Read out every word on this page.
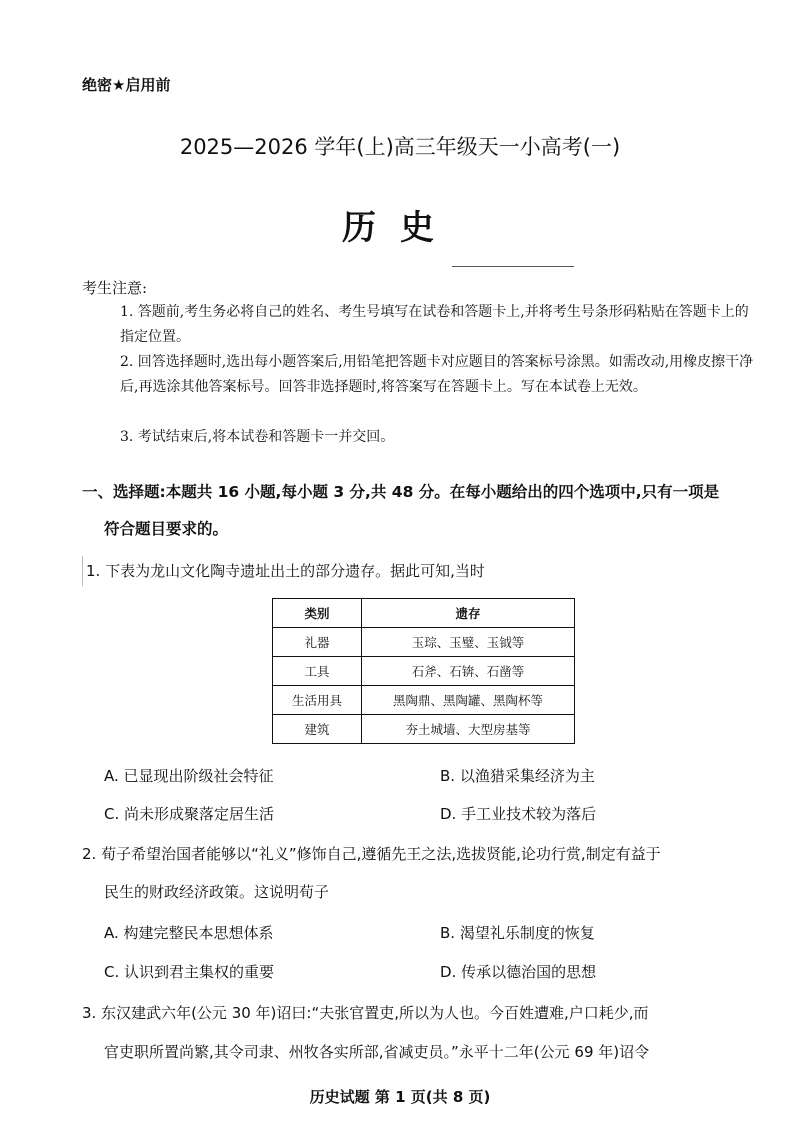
绝密★启用前
2025—2026 学年(上)高三年级天一小高考(一)
历史
考生注意:
1. 答题前,考生务必将自己的姓名、考生号填写在试卷和答题卡上,并将考生号条形码粘贴在答题卡上的指定位置。
2. 回答选择题时,选出每小题答案后,用铅笔把答题卡对应题目的答案标号涂黑。如需改动,用橡皮擦干净后,再选涂其他答案标号。回答非选择题时,将答案写在答题卡上。写在本试卷上无效。
3. 考试结束后,将本试卷和答题卡一并交回。
一、选择题:本题共 16 小题,每小题 3 分,共 48 分。在每小题给出的四个选项中,只有一项是
符合题目要求的。
1. 下表为龙山文化陶寺遗址出土的部分遗存。据此可知,当时
类别	遗存
礼器	玉琮、玉璧、玉钺等
工具	石斧、石锛、石凿等
生活用具	黑陶鼎、黑陶罐、黑陶杯等
建筑	夯土城墙、大型房基等
A. 已显现出阶级社会特征	B. 以渔猎采集经济为主
C. 尚未形成聚落定居生活	D. 手工业技术较为落后
2. 荀子希望治国者能够以“礼义”修饰自己,遵循先王之法,选拔贤能,论功行赏,制定有益于
民生的财政经济政策。这说明荀子
A. 构建完整民本思想体系	B. 渴望礼乐制度的恢复
C. 认识到君主集权的重要	D. 传承以德治国的思想
3. 东汉建武六年(公元 30 年)诏曰:“夫张官置吏,所以为人也。今百姓遭难,户口耗少,而
官吏职所置尚繁,其令司隶、州牧各实所部,省减吏员。”永平十二年(公元 69 年)诏令
历史试题 第 1 页(共 8 页)
